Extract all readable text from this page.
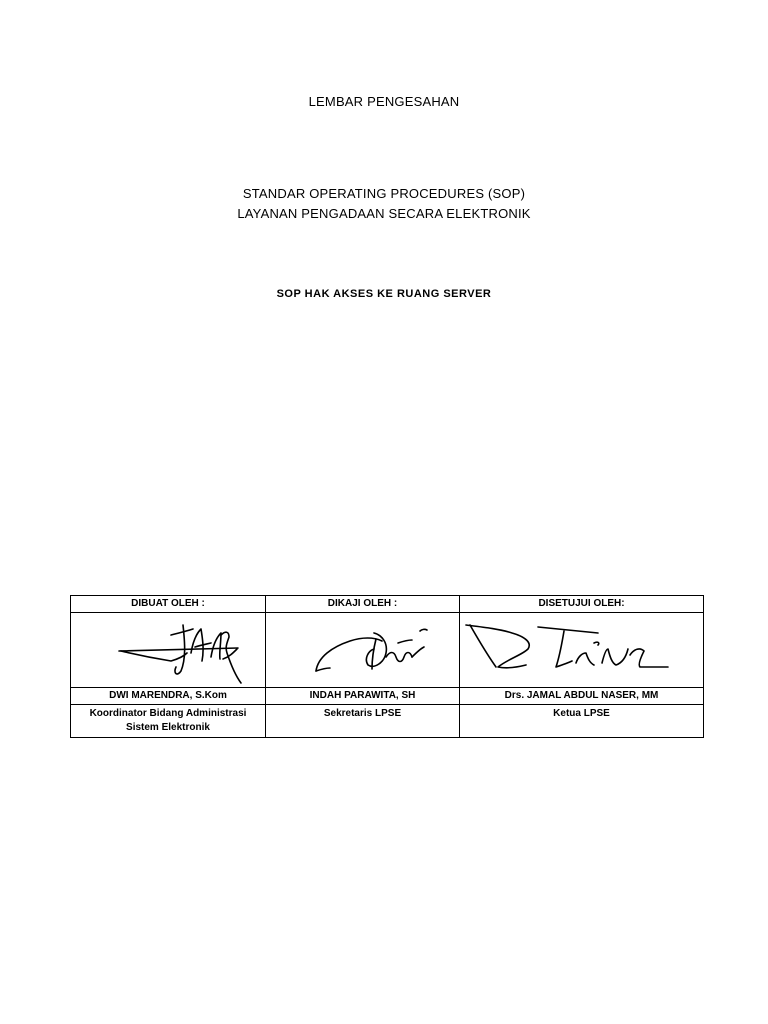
LEMBAR PENGESAHAN
STANDAR OPERATING PROCEDURES (SOP)
LAYANAN PENGADAAN SECARA ELEKTRONIK
SOP HAK AKSES KE RUANG SERVER
DIBUAT OLEH :	DIKAJI OLEH :	DISETUJUI OLEH:

DWI MARENDRA, S.Kom	INDAH PARAWITA, SH	Drs. JAMAL ABDUL NASER, MM
Koordinator Bidang Administrasi Sistem Elektronik	Sekretaris LPSE	Ketua LPSE
